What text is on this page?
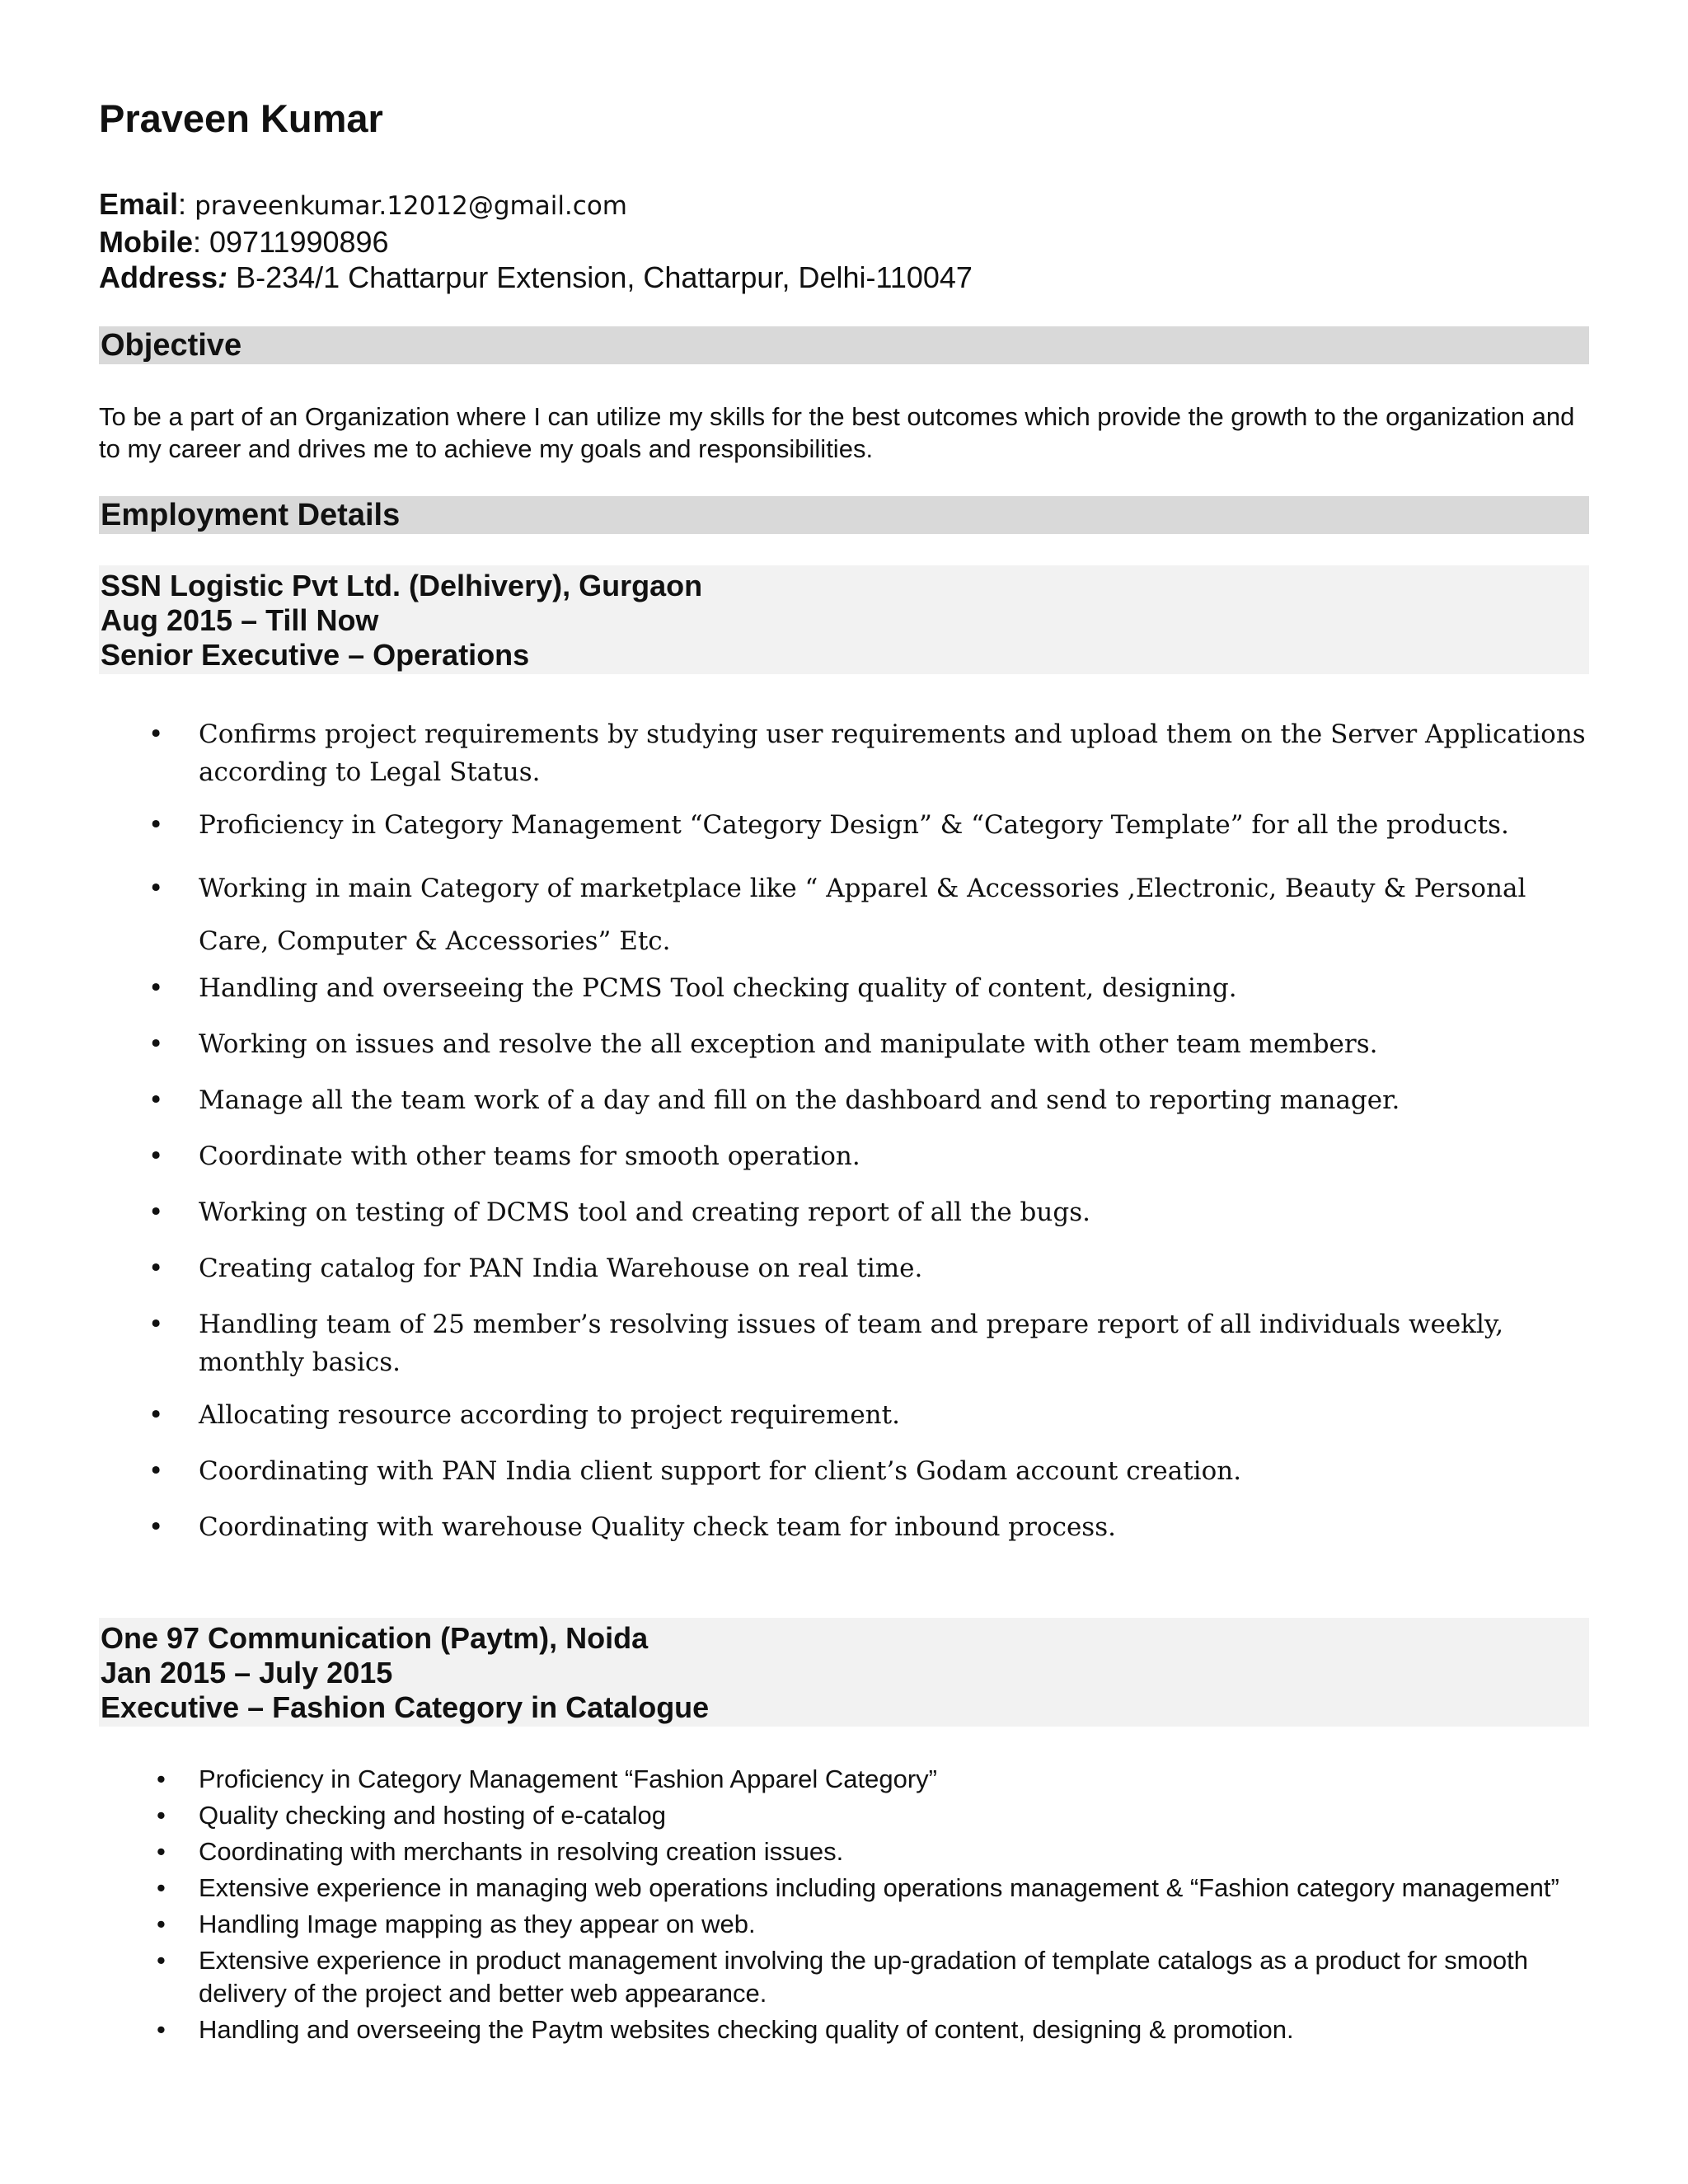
Praveen Kumar
Email: praveenkumar.12012@gmail.com
Mobile: 09711990896
Address: B-234/1 Chattarpur Extension, Chattarpur, Delhi-110047
Objective
To be a part of an Organization where I can utilize my skills for the best outcomes which provide the growth to the organization and to my career and drives me to achieve my goals and responsibilities.
Employment Details
SSN Logistic Pvt Ltd. (Delhivery), Gurgaon
Aug 2015 – Till Now
Senior Executive – Operations
• Confirms project requirements by studying user requirements and upload them on the Server Applications according to Legal Status.
• Proficiency in Category Management “Category Design” & “Category Template” for all the products.
• Working in main Category of marketplace like “ Apparel & Accessories ,Electronic, Beauty & Personal Care, Computer & Accessories” Etc.
• Handling and overseeing the PCMS Tool checking quality of content, designing.
• Working on issues and resolve the all exception and manipulate with other team members.
• Manage all the team work of a day and fill on the dashboard and send to reporting manager.
• Coordinate with other teams for smooth operation.
• Working on testing of DCMS tool and creating report of all the bugs.
• Creating catalog for PAN India Warehouse on real time.
• Handling team of 25 member’s resolving issues of team and prepare report of all individuals weekly, monthly basics.
• Allocating resource according to project requirement.
• Coordinating with PAN India client support for client’s Godam account creation.
• Coordinating with warehouse Quality check team for inbound process.
One 97 Communication (Paytm), Noida
Jan 2015 – July 2015
Executive – Fashion Category in Catalogue
• Proficiency in Category Management “Fashion Apparel Category”
• Quality checking and hosting of e-catalog
• Coordinating with merchants in resolving creation issues.
• Extensive experience in managing web operations including operations management & “Fashion category management”
• Handling Image mapping as they appear on web.
• Extensive experience in product management involving the up-gradation of template catalogs as a product for smooth delivery of the project and better web appearance.
• Handling and overseeing the Paytm websites checking quality of content, designing & promotion.
